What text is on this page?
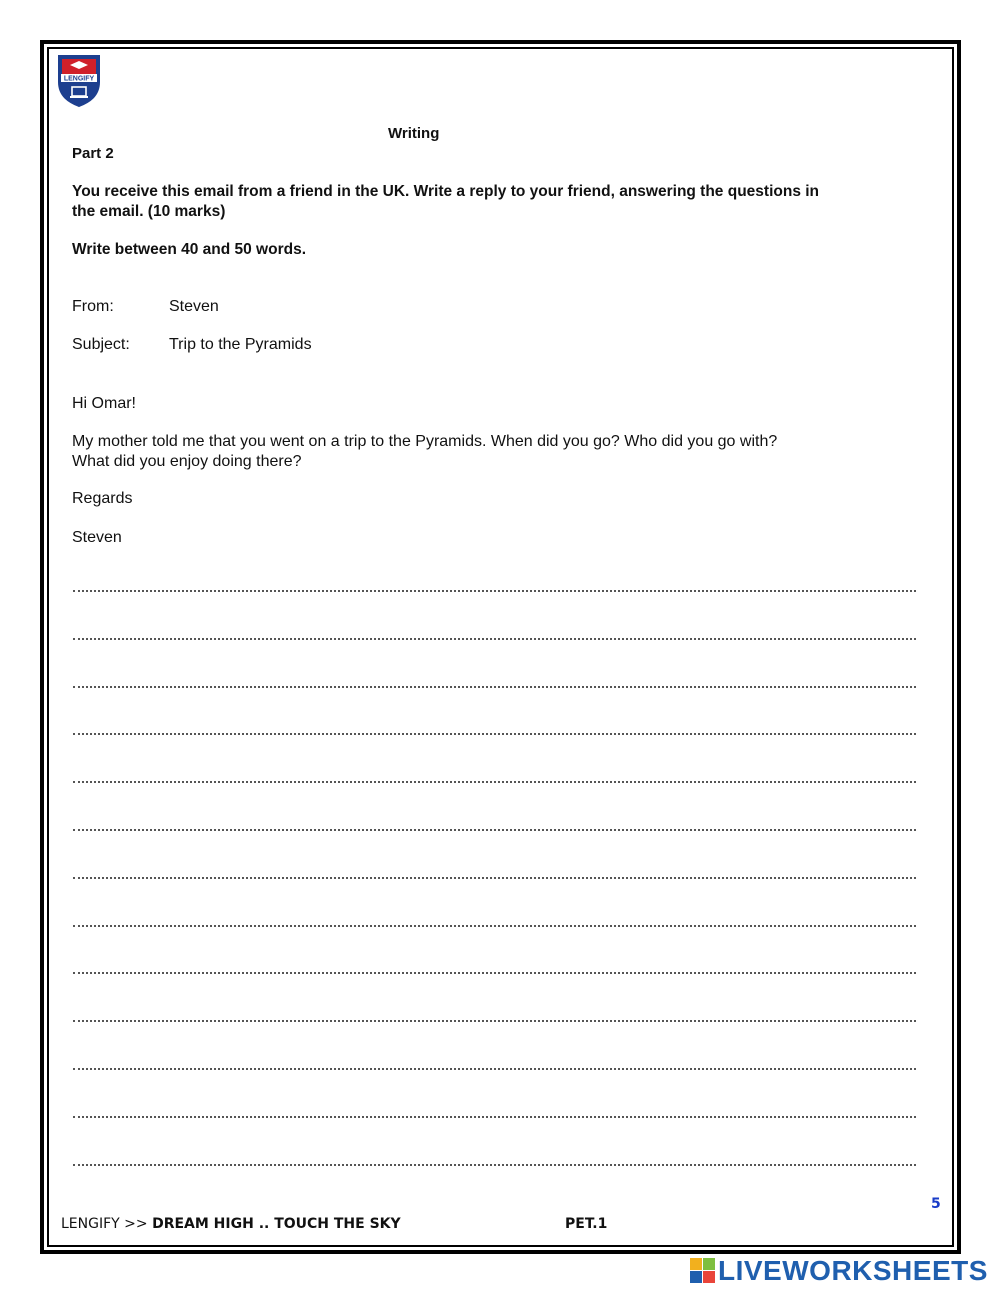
LENGIFY
Writing
Part 2
You receive this email from a friend in the UK. Write a reply to your friend, answering the questions in the email. (10 marks)
Write between 40 and 50 words.
From:	Steven
Subject: Trip to the Pyramids
Hi Omar!
My mother told me that you went on a trip to the Pyramids. When did you go? Who did you go with? What did you enjoy doing there?
Regards
Steven
5
LENGIFY >> DREAM HIGH .. TOUCH THE SKY	PET.1
LIVEWORKSHEETS
